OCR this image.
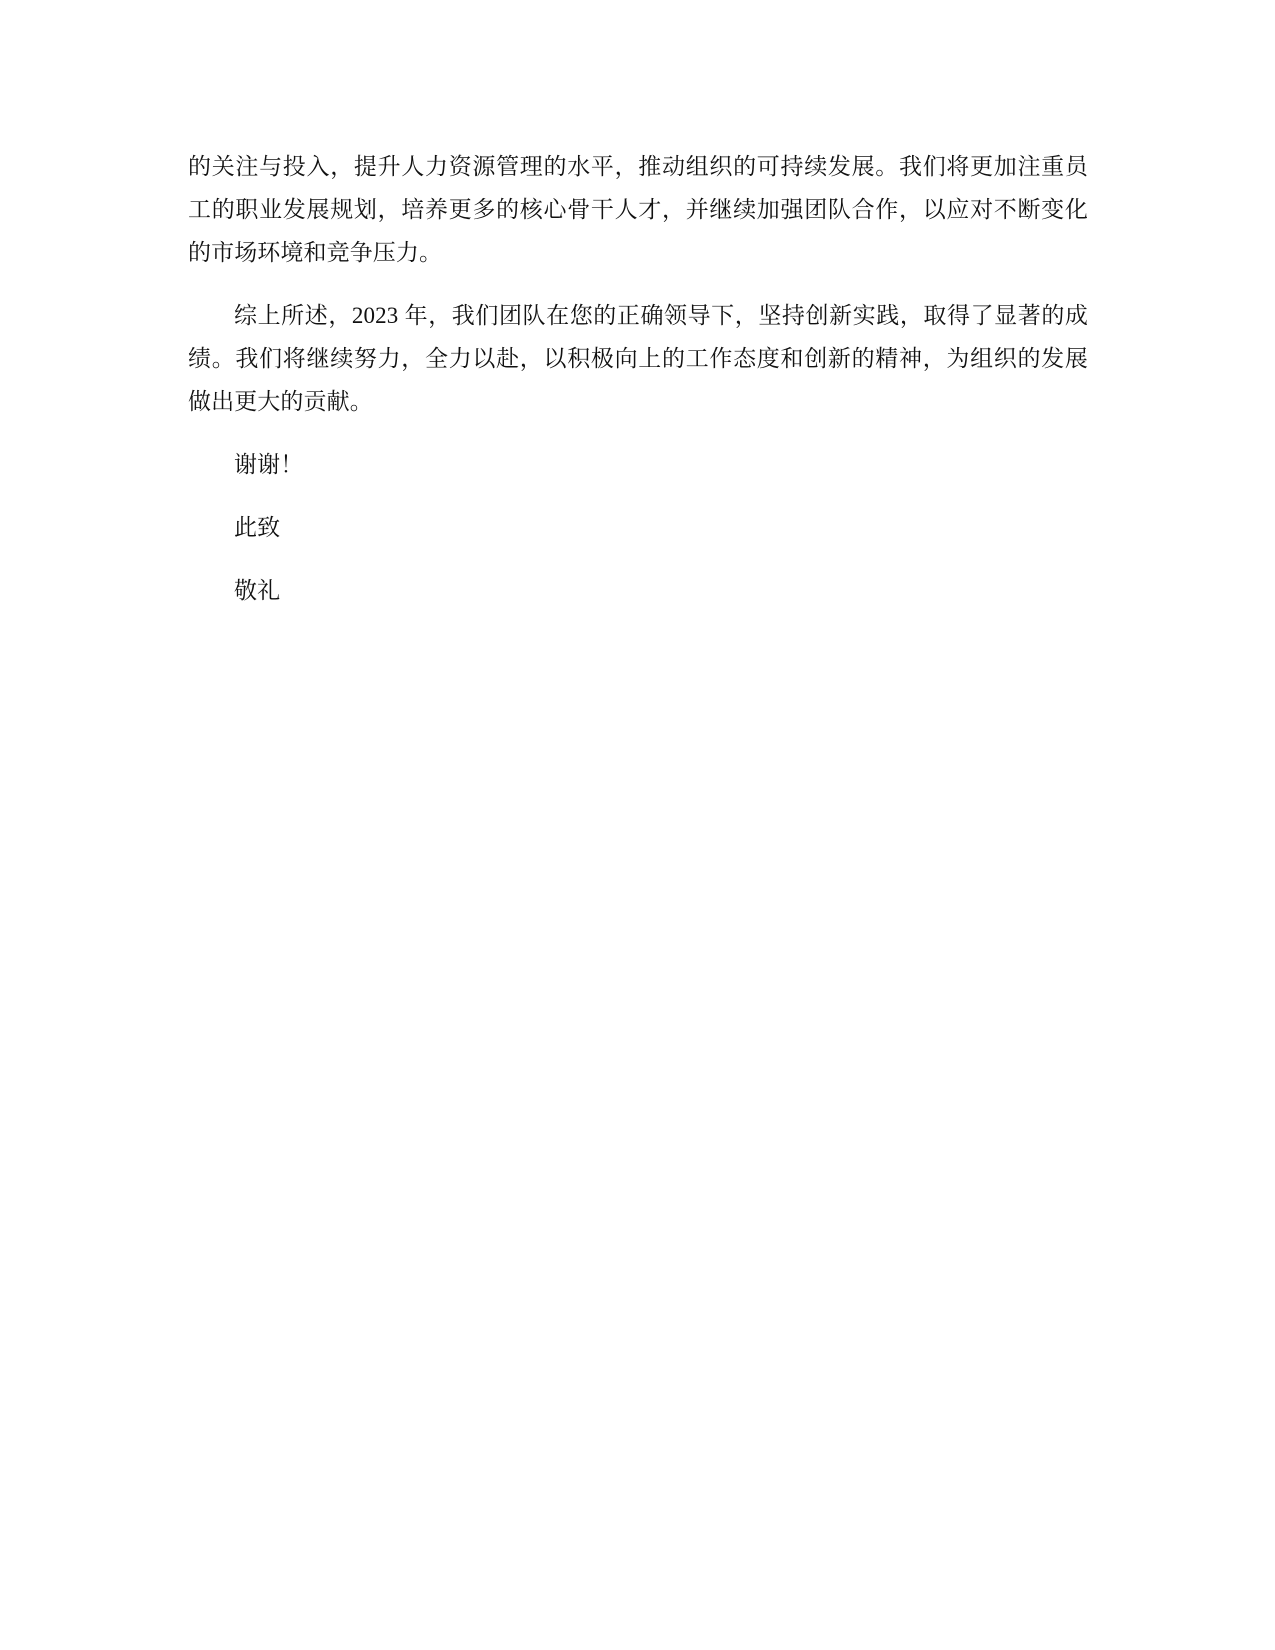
的关注与投入，提升人力资源管理的水平，推动组织的可持续发展。我们将更加注重员工的职业发展规划，培养更多的核心骨干人才，并继续加强团队合作，以应对不断变化的市场环境和竞争压力。

综上所述，2023 年，我们团队在您的正确领导下，坚持创新实践，取得了显著的成绩。我们将继续努力，全力以赴，以积极向上的工作态度和创新的精神，为组织的发展做出更大的贡献。

谢谢！

此致

敬礼
